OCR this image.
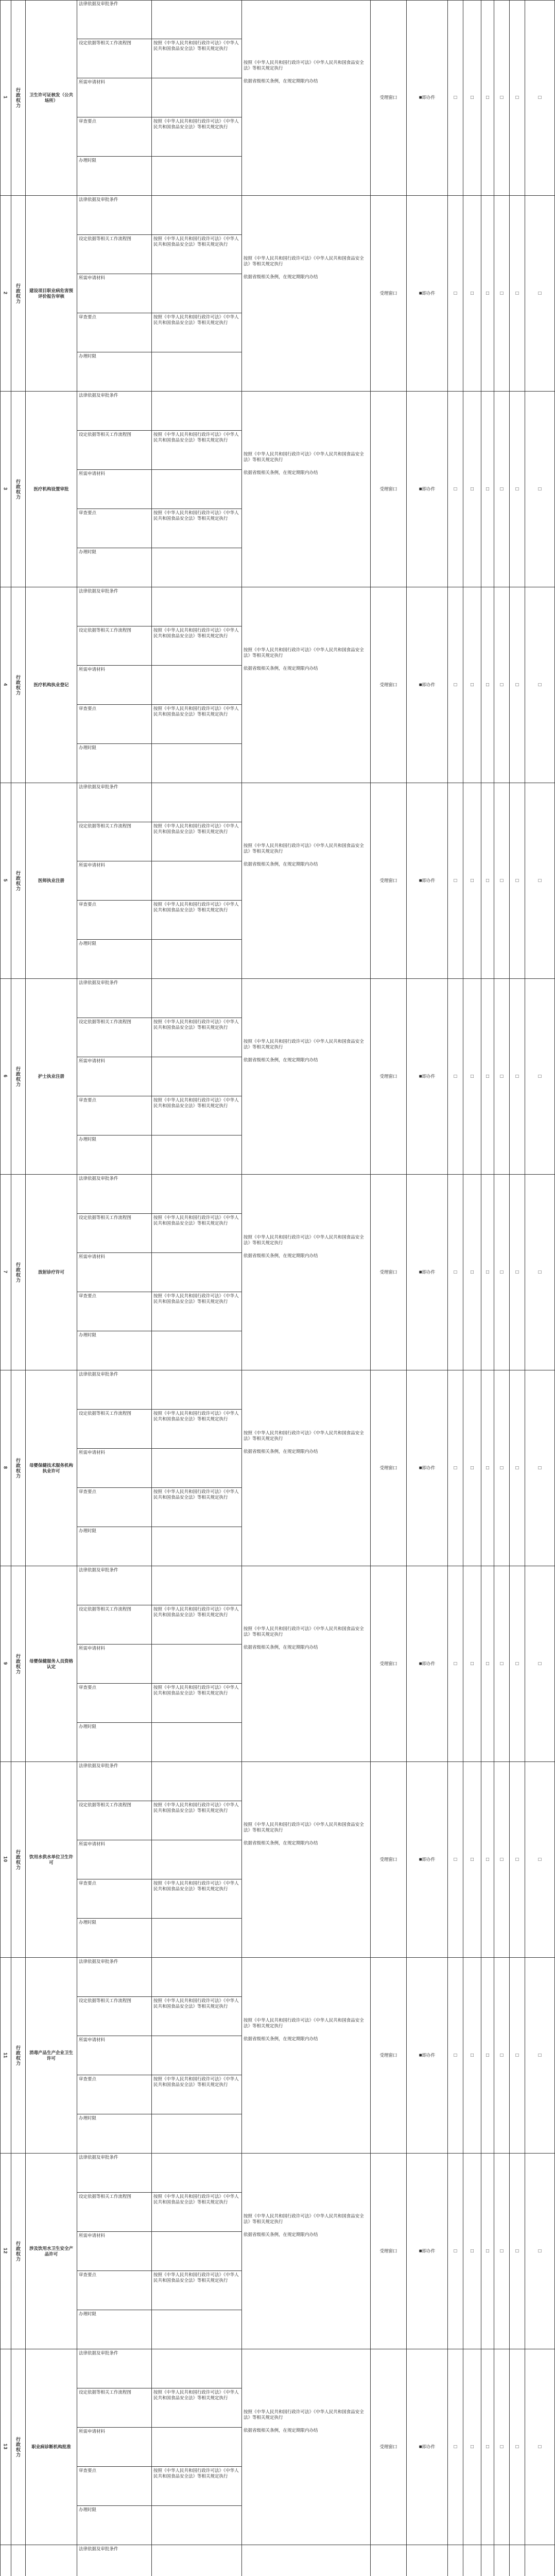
1	行政权力	卫生许可证核发（公共场所）
法律依据及审批条件
设定依据等相关工作流程图	按照《中华人民共和国行政许可法》《中华人民共和国食品安全法》等相关规定执行
所需申请材料
审查要点	按照《中华人民共和国行政许可法》《中华人民共和国食品安全法》等相关规定执行
办理时限
按照《中华人民共和国行政许可法》《中华人民共和国食品安全法》等相关规定执行
依据省级相关条例，在规定期限内办结
受理窗口	■ 即办件	□	□ □ □ □	□
2	行政权力	建设项目职业病危害预评价报告审核
法律依据及审批条件
设定依据等相关工作流程图	按照《中华人民共和国行政许可法》《中华人民共和国食品安全法》等相关规定执行
所需申请材料
审查要点	按照《中华人民共和国行政许可法》《中华人民共和国食品安全法》等相关规定执行
办理时限
按照《中华人民共和国行政许可法》《中华人民共和国食品安全法》等相关规定执行
依据省级相关条例，在规定期限内办结
受理窗口	■ 即办件	□	□ □ □ □	□
3	行政权力	医疗机构设置审批
法律依据及审批条件
设定依据等相关工作流程图	按照《中华人民共和国行政许可法》《中华人民共和国食品安全法》等相关规定执行
所需申请材料
审查要点	按照《中华人民共和国行政许可法》《中华人民共和国食品安全法》等相关规定执行
办理时限
按照《中华人民共和国行政许可法》《中华人民共和国食品安全法》等相关规定执行
依据省级相关条例，在规定期限内办结
受理窗口	■ 即办件	□	□ □ □ □	□
4	行政权力	医疗机构执业登记
法律依据及审批条件
设定依据等相关工作流程图	按照《中华人民共和国行政许可法》《中华人民共和国食品安全法》等相关规定执行
所需申请材料
审查要点	按照《中华人民共和国行政许可法》《中华人民共和国食品安全法》等相关规定执行
办理时限
按照《中华人民共和国行政许可法》《中华人民共和国食品安全法》等相关规定执行
依据省级相关条例，在规定期限内办结
受理窗口	■ 即办件	□	□ □ □ □	□
5	行政权力	医师执业注册
法律依据及审批条件
设定依据等相关工作流程图	按照《中华人民共和国行政许可法》《中华人民共和国食品安全法》等相关规定执行
所需申请材料
审查要点	按照《中华人民共和国行政许可法》《中华人民共和国食品安全法》等相关规定执行
办理时限
按照《中华人民共和国行政许可法》《中华人民共和国食品安全法》等相关规定执行
依据省级相关条例，在规定期限内办结
受理窗口	■ 即办件	□	□ □ □ □	□
6	行政权力	护士执业注册
法律依据及审批条件
设定依据等相关工作流程图	按照《中华人民共和国行政许可法》《中华人民共和国食品安全法》等相关规定执行
所需申请材料
审查要点	按照《中华人民共和国行政许可法》《中华人民共和国食品安全法》等相关规定执行
办理时限
按照《中华人民共和国行政许可法》《中华人民共和国食品安全法》等相关规定执行
依据省级相关条例，在规定期限内办结
受理窗口	■ 即办件	□	□ □ □ □	□
7	行政权力	放射诊疗许可
法律依据及审批条件
设定依据等相关工作流程图	按照《中华人民共和国行政许可法》《中华人民共和国食品安全法》等相关规定执行
所需申请材料
审查要点	按照《中华人民共和国行政许可法》《中华人民共和国食品安全法》等相关规定执行
办理时限
按照《中华人民共和国行政许可法》《中华人民共和国食品安全法》等相关规定执行
依据省级相关条例，在规定期限内办结
受理窗口	■ 即办件	□	□ □ □ □	□
8	行政权力	母婴保健技术服务机构执业许可
法律依据及审批条件
设定依据等相关工作流程图	按照《中华人民共和国行政许可法》《中华人民共和国食品安全法》等相关规定执行
所需申请材料
审查要点	按照《中华人民共和国行政许可法》《中华人民共和国食品安全法》等相关规定执行
办理时限
按照《中华人民共和国行政许可法》《中华人民共和国食品安全法》等相关规定执行
依据省级相关条例，在规定期限内办结
受理窗口	■ 即办件	□	□ □ □ □	□
9	行政权力	母婴保健服务人员资格认定
法律依据及审批条件
设定依据等相关工作流程图	按照《中华人民共和国行政许可法》《中华人民共和国食品安全法》等相关规定执行
所需申请材料
审查要点	按照《中华人民共和国行政许可法》《中华人民共和国食品安全法》等相关规定执行
办理时限
按照《中华人民共和国行政许可法》《中华人民共和国食品安全法》等相关规定执行
依据省级相关条例，在规定期限内办结
受理窗口	■ 即办件	□	□ □ □ □	□
10	行政权力	饮用水供水单位卫生许可
法律依据及审批条件
设定依据等相关工作流程图	按照《中华人民共和国行政许可法》《中华人民共和国食品安全法》等相关规定执行
所需申请材料
审查要点	按照《中华人民共和国行政许可法》《中华人民共和国食品安全法》等相关规定执行
办理时限
按照《中华人民共和国行政许可法》《中华人民共和国食品安全法》等相关规定执行
依据省级相关条例，在规定期限内办结
受理窗口	■ 即办件	□	□ □ □ □	□
11	行政权力	消毒产品生产企业卫生许可
法律依据及审批条件
设定依据等相关工作流程图	按照《中华人民共和国行政许可法》《中华人民共和国食品安全法》等相关规定执行
所需申请材料
审查要点	按照《中华人民共和国行政许可法》《中华人民共和国食品安全法》等相关规定执行
办理时限
按照《中华人民共和国行政许可法》《中华人民共和国食品安全法》等相关规定执行
依据省级相关条例，在规定期限内办结
受理窗口	■ 即办件	□	□ □ □ □	□
12	行政权力	涉及饮用水卫生安全产品许可
法律依据及审批条件
设定依据等相关工作流程图	按照《中华人民共和国行政许可法》《中华人民共和国食品安全法》等相关规定执行
所需申请材料
审查要点	按照《中华人民共和国行政许可法》《中华人民共和国食品安全法》等相关规定执行
办理时限
按照《中华人民共和国行政许可法》《中华人民共和国食品安全法》等相关规定执行
依据省级相关条例，在规定期限内办结
受理窗口	■ 即办件	□	□ □ □ □	□
13	行政权力	职业病诊断机构批准
法律依据及审批条件
设定依据等相关工作流程图	按照《中华人民共和国行政许可法》《中华人民共和国食品安全法》等相关规定执行
所需申请材料
审查要点	按照《中华人民共和国行政许可法》《中华人民共和国食品安全法》等相关规定执行
办理时限
按照《中华人民共和国行政许可法》《中华人民共和国食品安全法》等相关规定执行
依据省级相关条例，在规定期限内办结
受理窗口	■ 即办件	□	□ □ □ □	□
法律依据及审批条件
